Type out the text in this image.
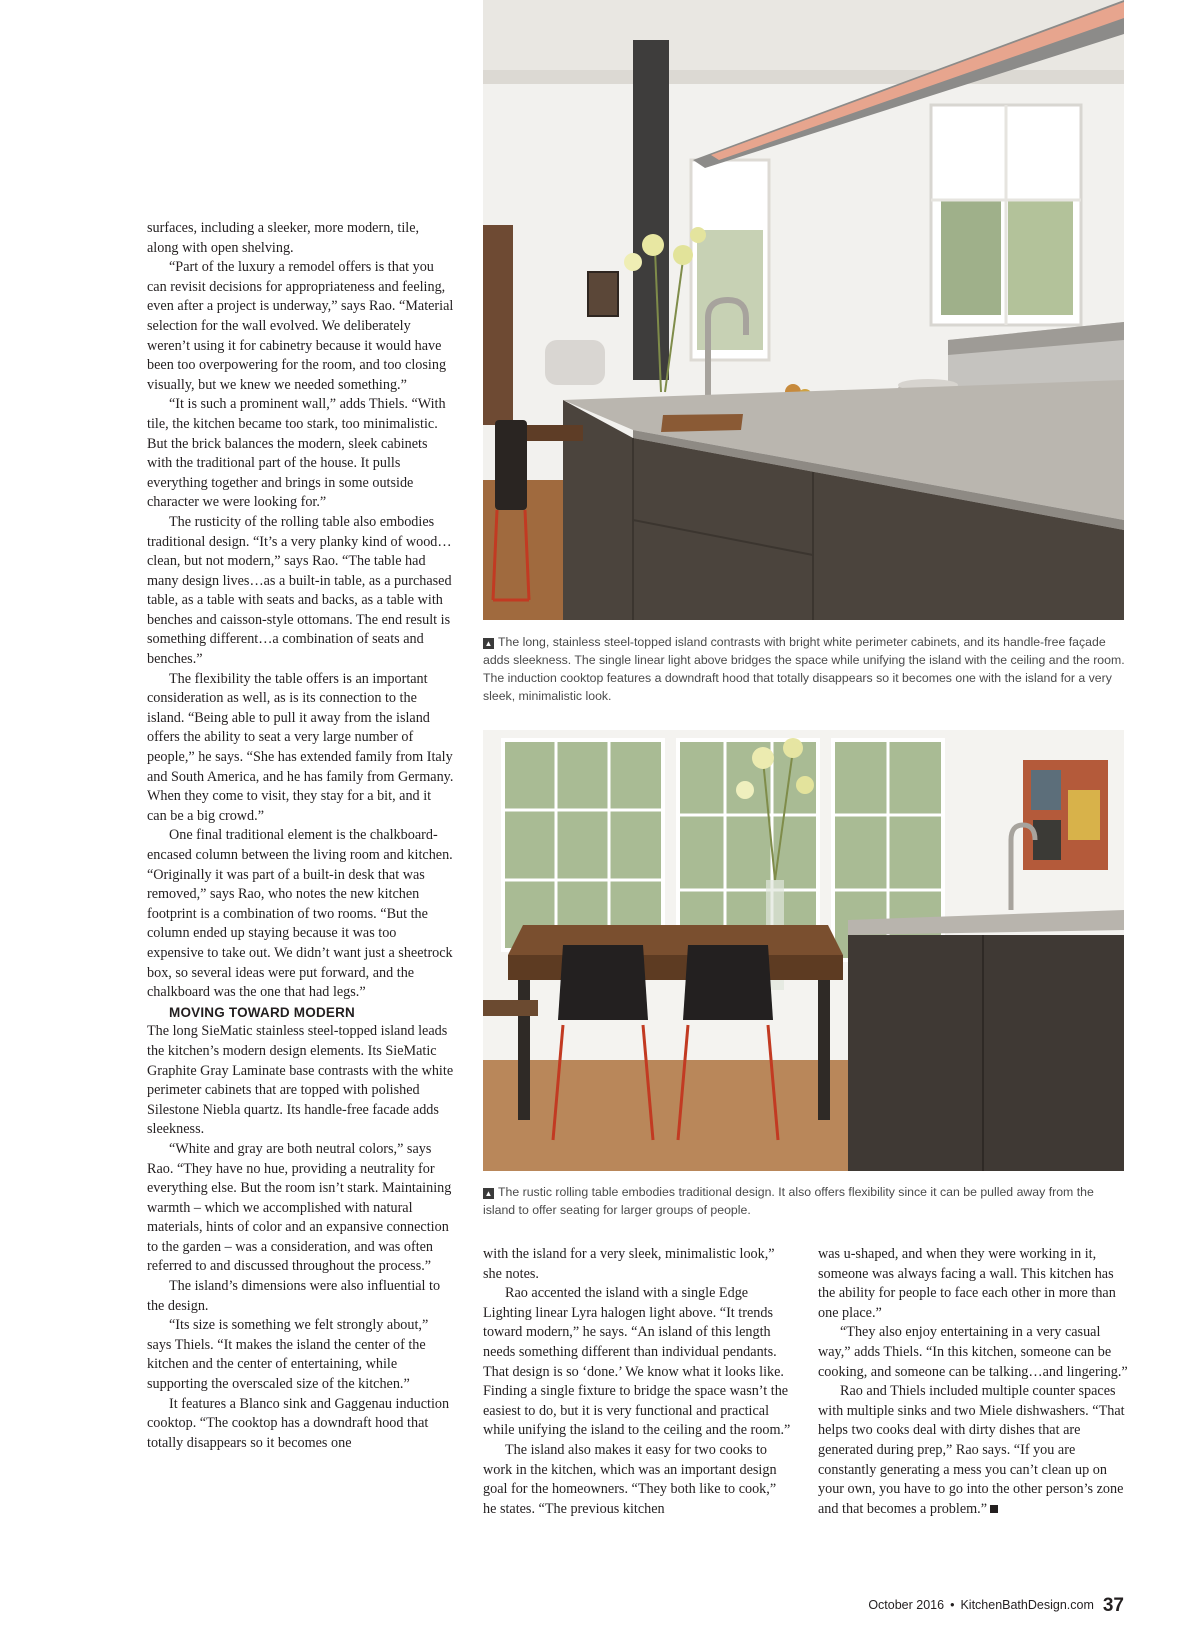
surfaces, including a sleeker, more modern, tile, along with open shelving.

“Part of the luxury a remodel offers is that you can revisit decisions for appropriateness and feeling, even after a project is underway,” says Rao. “Material selection for the wall evolved. We deliberately weren’t using it for cabinetry because it would have been too overpowering for the room, and too closing visually, but we knew we needed something.”

“It is such a prominent wall,” adds Thiels. “With tile, the kitchen became too stark, too minimalistic. But the brick balances the modern, sleek cabinets with the traditional part of the house. It pulls everything together and brings in some outside character we were looking for.”

The rusticity of the rolling table also embodies traditional design. “It’s a very planky kind of wood…clean, but not modern,” says Rao. “The table had many design lives…as a built-in table, as a purchased table, as a table with seats and backs, as a table with benches and caisson-style ottomans. The end result is something different…a combination of seats and benches.”

The flexibility the table offers is an important consideration as well, as is its connection to the island. “Being able to pull it away from the island offers the ability to seat a very large number of people,” he says. “She has extended family from Italy and South America, and he has family from Germany. When they come to visit, they stay for a bit, and it can be a big crowd.”

One final traditional element is the chalkboard-encased column between the living room and kitchen. “Originally it was part of a built-in desk that was removed,” says Rao, who notes the new kitchen footprint is a combination of two rooms. “But the column ended up staying because it was too expensive to take out. We didn’t want just a sheetrock box, so several ideas were put forward, and the chalkboard was the one that had legs.”

MOVING TOWARD MODERN

The long SieMatic stainless steel-topped island leads the kitchen’s modern design elements. Its SieMatic Graphite Gray Laminate base contrasts with the white perimeter cabinets that are topped with polished Silestone Niebla quartz. Its handle-free facade adds sleekness.

“White and gray are both neutral colors,” says Rao. “They have no hue, providing a neutrality for everything else. But the room isn’t stark. Maintaining warmth – which we accomplished with natural materials, hints of color and an expansive connection to the garden – was a consideration, and was often referred to and discussed throughout the process.”

The island’s dimensions were also influential to the design.

“Its size is something we felt strongly about,” says Thiels. “It makes the island the center of the kitchen and the center of entertaining, while supporting the overscaled size of the kitchen.”

It features a Blanco sink and Gaggenau induction cooktop. “The cooktop has a downdraft hood that totally disappears so it becomes one

▲ The long, stainless steel-topped island contrasts with bright white perimeter cabinets, and its handle-free façade adds sleekness. The single linear light above bridges the space while unifying the island with the ceiling and the room. The induction cooktop features a downdraft hood that totally disappears so it becomes one with the island for a very sleek, minimalistic look.
▲ The rustic rolling table embodies traditional design. It also offers flexibility since it can be pulled away from the island to offer seating for larger groups of people.

with the island for a very sleek, minimalistic look,” she notes.

Rao accented the island with a single Edge Lighting linear Lyra halogen light above. “It trends toward modern,” he says. “An island of this length needs something different than individual pendants. That design is so ‘done.’ We know what it looks like. Finding a single fixture to bridge the space wasn’t the easiest to do, but it is very functional and practical while unifying the island to the ceiling and the room.”

The island also makes it easy for two cooks to work in the kitchen, which was an important design goal for the homeowners. “They both like to cook,” he states. “The previous kitchen

was u-shaped, and when they were working in it, someone was always facing a wall. This kitchen has the ability for people to face each other in more than one place.”

“They also enjoy entertaining in a very casual way,” adds Thiels. “In this kitchen, someone can be cooking, and someone can be talking…and lingering.”

Rao and Thiels included multiple counter spaces with multiple sinks and two Miele dishwashers. “That helps two cooks deal with dirty dishes that are generated during prep,” Rao says. “If you are constantly generating a mess you can’t clean up on your own, you have to go into the other person’s zone and that becomes a problem.”

October 2016 • KitchenBathDesign.com 37
